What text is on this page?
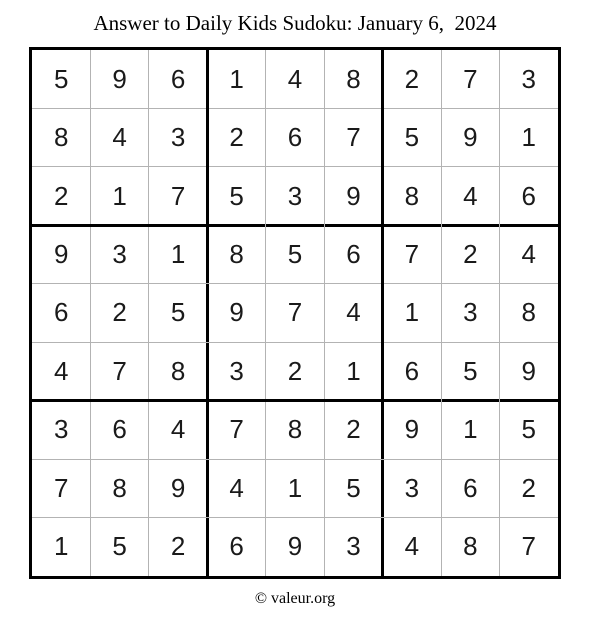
Answer to Daily Kids Sudoku: January 6,  2024
5	9	6	1	4	8	2	7	3
8	4	3	2	6	7	5	9	1
2	1	7	5	3	9	8	4	6
9	3	1	8	5	6	7	2	4
6	2	5	9	7	4	1	3	8
4	7	8	3	2	1	6	5	9
3	6	4	7	8	2	9	1	5
7	8	9	4	1	5	3	6	2
1	5	2	6	9	3	4	8	7
© valeur.org
